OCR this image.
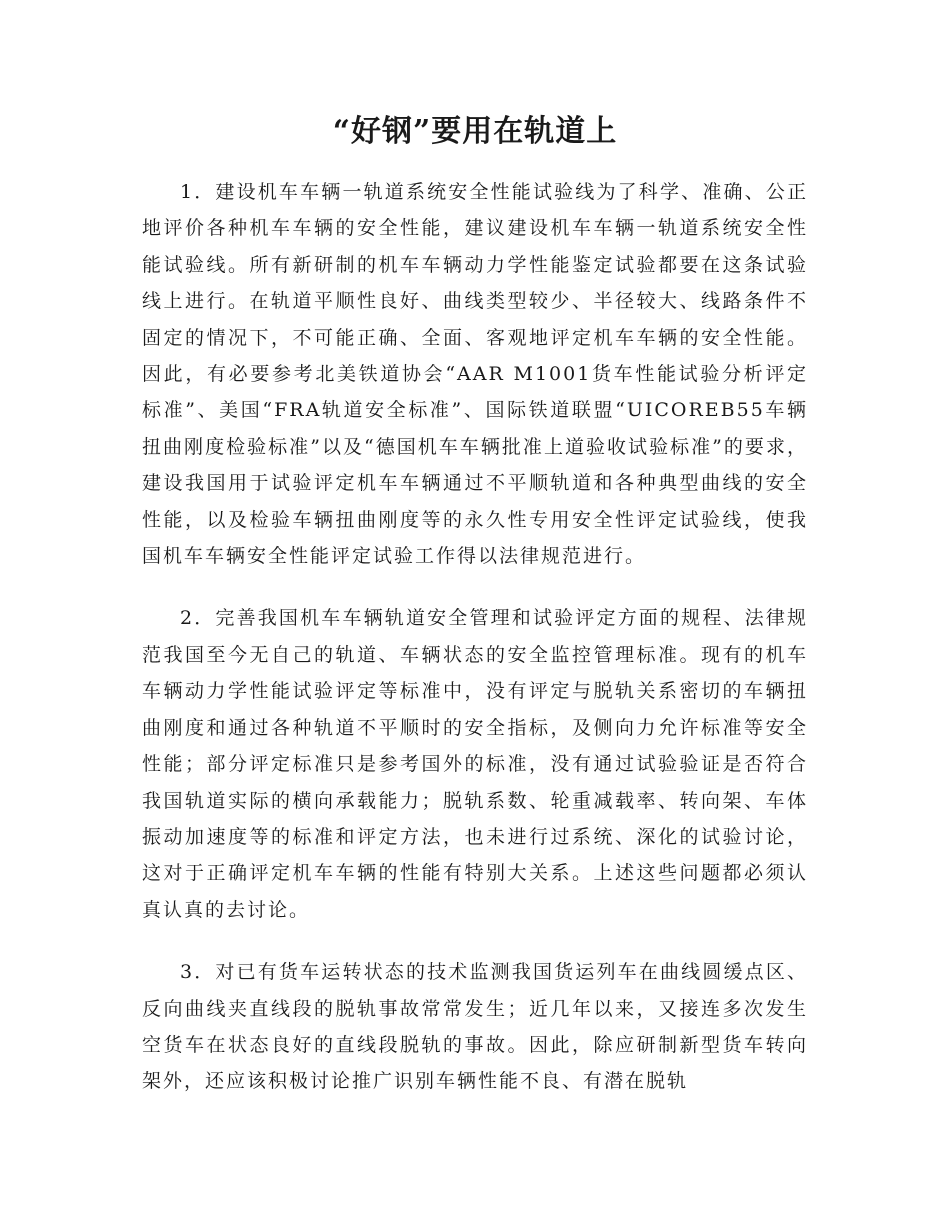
“好钢”要用在轨道上

1．建设机车车辆一轨道系统安全性能试验线为了科学、准确、公正地评价各种机车车辆的安全性能，建议建设机车车辆一轨道系统安全性能试验线。所有新研制的机车车辆动力学性能鉴定试验都要在这条试验线上进行。在轨道平顺性良好、曲线类型较少、半径较大、线路条件不固定的情况下，不可能正确、全面、客观地评定机车车辆的安全性能。因此，有必要参考北美铁道协会“AAR M1001货车性能试验分析评定标准”、美国“FRA轨道安全标准”、国际铁道联盟“UICOREB55车辆扭曲刚度检验标准”以及“德国机车车辆批准上道验收试验标准”的要求，建设我国用于试验评定机车车辆通过不平顺轨道和各种典型曲线的安全性能，以及检验车辆扭曲刚度等的永久性专用安全性评定试验线，使我国机车车辆安全性能评定试验工作得以法律规范进行。

2．完善我国机车车辆轨道安全管理和试验评定方面的规程、法律规范我国至今无自己的轨道、车辆状态的安全监控管理标准。现有的机车车辆动力学性能试验评定等标准中，没有评定与脱轨关系密切的车辆扭曲刚度和通过各种轨道不平顺时的安全指标，及侧向力允许标准等安全性能；部分评定标准只是参考国外的标准，没有通过试验验证是否符合我国轨道实际的横向承载能力；脱轨系数、轮重减载率、转向架、车体振动加速度等的标准和评定方法，也未进行过系统、深化的试验讨论，这对于正确评定机车车辆的性能有特别大关系。上述这些问题都必须认真认真的去讨论。

3．对已有货车运转状态的技术监测我国货运列车在曲线圆缓点区、反向曲线夹直线段的脱轨事故常常发生；近几年以来，又接连多次发生空货车在状态良好的直线段脱轨的事故。因此，除应研制新型货车转向架外，还应该积极讨论推广识别车辆性能不良、有潜在脱轨
